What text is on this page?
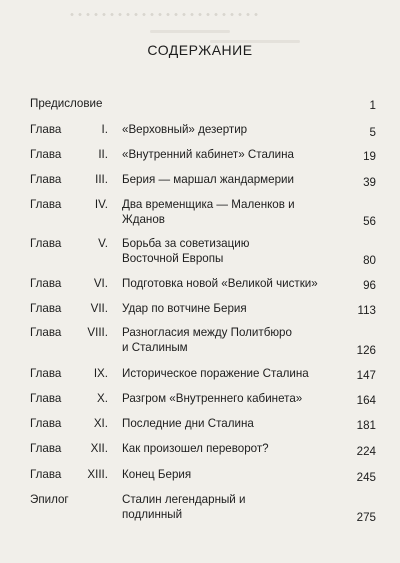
СОДЕРЖАНИЕ
Предисловие	1
Глава	I. «Верховный» дезертир	5
Глава	II. «Внутренний кабинет» Сталина	19
Глава	III. Берия — маршал жандармерии	39
Глава	IV. Два временщика — Маленков и Жданов	56
Глава	V. Борьба за советизацию Восточной Европы	80
Глава	VI. Подготовка новой «Великой чистки»	96
Глава	VII. Удар по вотчине Берия	113
Глава	VIII. Разногласия между Политбюро и Сталиным	126
Глава	IX. Историческое поражение Сталина	147
Глава	X. Разгром «Внутреннего кабинета»	164
Глава	XI. Последние дни Сталина	181
Глава	XII. Как произошел переворот?	224
Глава	XIII. Конец Берия	245
Эпилог	Сталин легендарный и подлинный	275
